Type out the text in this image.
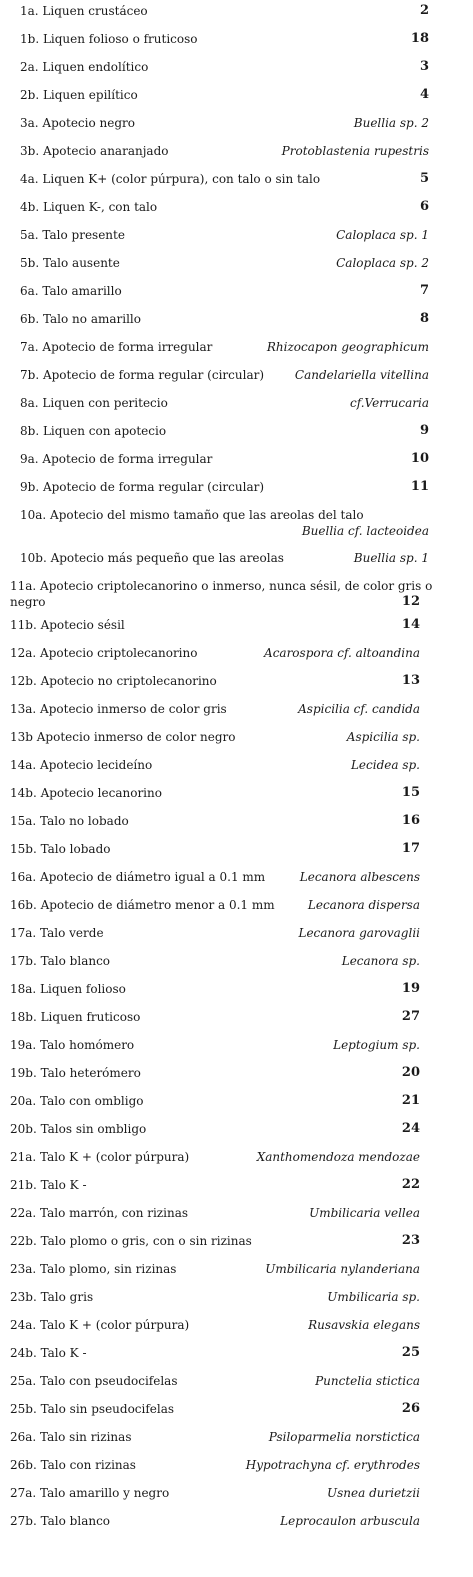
1a. Liquen crustáceo	2
1b. Liquen folioso o fruticoso	18
2a. Liquen endolítico	3
2b. Liquen epilítico	4
3a. Apotecio negro	Buellia sp. 2
3b. Apotecio anaranjado	Protoblastenia rupestris
4a. Liquen K+ (color púrpura), con talo o sin talo	5
4b. Liquen K-, con talo	6
5a. Talo presente	Caloplaca sp. 1
5b. Talo ausente	Caloplaca sp. 2
6a. Talo amarillo	7
6b. Talo no amarillo	8
7a. Apotecio de forma irregular	Rhizocapon geographicum
7b. Apotecio de forma regular (circular)	Candelariella vitellina
8a. Liquen con peritecio	cf.Verrucaria
8b. Liquen con apotecio	9
9a. Apotecio de forma irregular	10
9b. Apotecio de forma regular (circular)	11
10a. Apotecio del mismo tamaño que las areolas del talo
Buellia cf. lacteoidea
10b. Apotecio más pequeño que las areolas	Buellia sp. 1
11a. Apotecio criptolecanorino o inmerso, nunca sésil, de color gris o
negro	12
11b. Apotecio sésil	14
12a. Apotecio criptolecanorino	Acarospora cf. altoandina
12b. Apotecio no criptolecanorino	13
13a. Apotecio inmerso de color gris	Aspicilia cf. candida
13b Apotecio inmerso de color negro	Aspicilia sp.
14a. Apotecio lecideíno	Lecidea sp.
14b. Apotecio lecanorino	15
15a. Talo no lobado	16
15b. Talo lobado	17
16a. Apotecio de diámetro igual a 0.1 mm	Lecanora albescens
16b. Apotecio de diámetro menor a 0.1 mm	Lecanora dispersa
17a. Talo verde	Lecanora garovaglii
17b. Talo blanco	Lecanora sp.
18a. Liquen folioso	19
18b. Liquen fruticoso	27
19a. Talo homómero	Leptogium sp.
19b. Talo heterómero	20
20a. Talo con ombligo	21
20b. Talos sin ombligo	24
21a. Talo K + (color púrpura)	Xanthomendoza mendozae
21b. Talo K -	22
22a. Talo marrón, con rizinas	Umbilicaria vellea
22b. Talo plomo o gris, con o sin rizinas	23
23a. Talo plomo, sin rizinas	Umbilicaria nylanderiana
23b. Talo gris	Umbilicaria sp.
24a. Talo K + (color púrpura)	Rusavskia elegans
24b. Talo K -	25
25a. Talo con pseudocifelas	Punctelia stictica
25b. Talo sin pseudocifelas	26
26a. Talo sin rizinas	Psiloparmelia norstictica
26b. Talo con rizinas	Hypotrachyna cf. erythrodes
27a. Talo amarillo y negro	Usnea durietzii
27b. Talo blanco	Leprocaulon arbuscula
